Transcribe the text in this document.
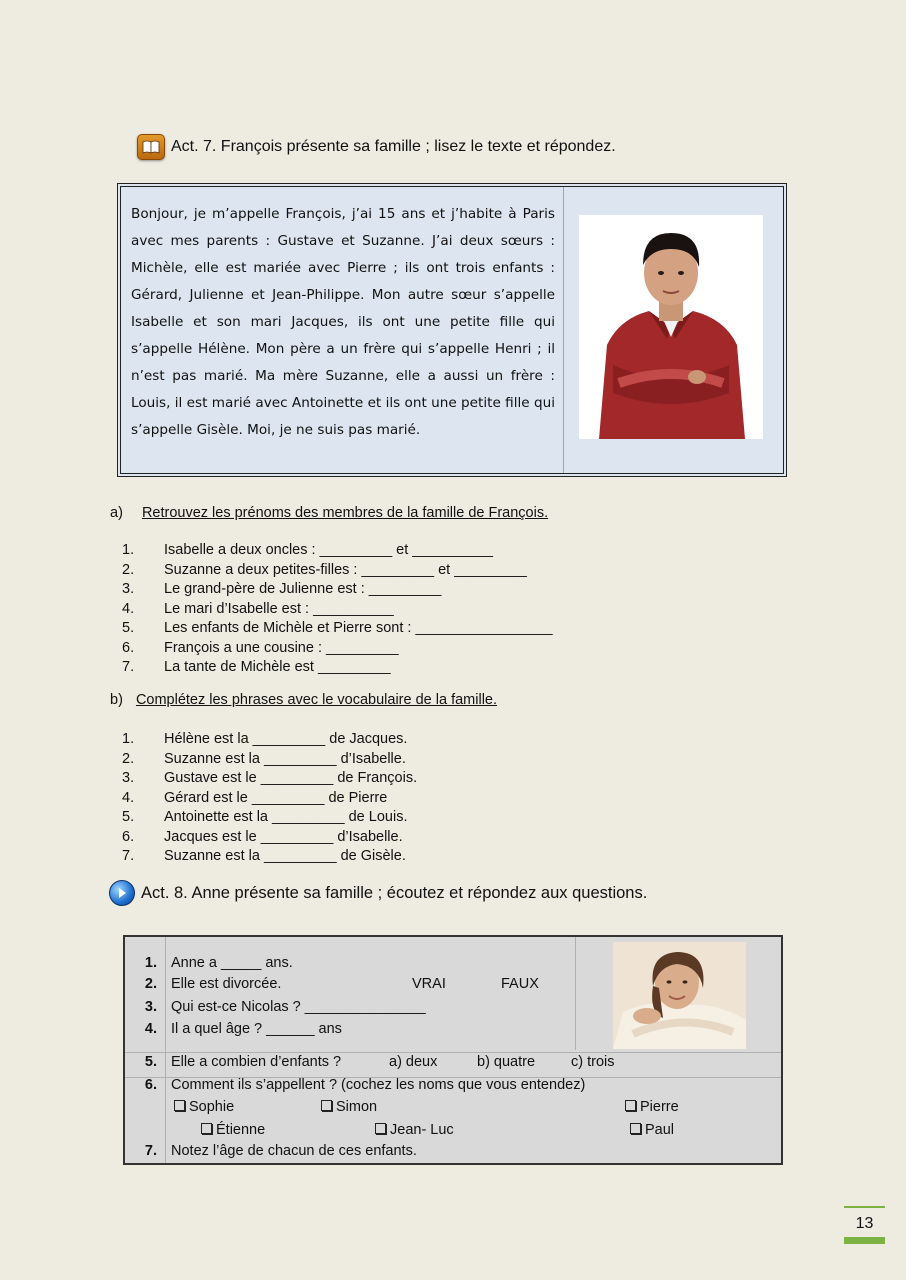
Act. 7. François présente sa famille ; lisez le texte et répondez.
Bonjour, je m’appelle François, j’ai 15 ans et j’habite à Paris avec mes parents : Gustave et Suzanne. J’ai deux sœurs : Michèle, elle est mariée avec Pierre ; ils ont trois enfants : Gérard, Julienne et Jean-Philippe. Mon autre sœur s’appelle Isabelle et son mari Jacques, ils ont une petite fille qui s’appelle Hélène. Mon père a un frère qui s’appelle Henri ; il n’est pas marié. Ma mère Suzanne, elle a aussi un frère : Louis, il est marié avec Antoinette et ils ont une petite fille qui s’appelle Gisèle. Moi, je ne suis pas marié.
a) Retrouvez les prénoms des membres de la famille de François.
1.	Isabelle a deux oncles : _________ et __________
2.	Suzanne a deux petites-filles : _________ et _________
3.	Le grand-père de Julienne est : _________
4.	Le mari d’Isabelle est : __________
5.	Les enfants de Michèle et Pierre sont : _________________
6.	François a une cousine : _________
7.	La tante de Michèle est _________
b) Complétez les phrases avec le vocabulaire de la famille.
1.	Hélène est la _________ de Jacques.
2.	Suzanne est la _________ d’Isabelle.
3.	Gustave est le _________ de François.
4.	Gérard est le _________ de Pierre
5.	Antoinette est la _________ de Louis.
6.	Jacques est le _________ d’Isabelle.
7.	Suzanne est la _________ de Gisèle.
Act. 8. Anne présente sa famille ; écoutez et répondez aux questions.
1. Anne a _____ ans.
2. Elle est divorcée.	VRAI	FAUX
3. Qui est-ce Nicolas ? _______________
4. Il a quel âge ? ______ ans
5. Elle a combien d’enfants ?	a) deux	b) quatre c) trois
6. Comment ils s’appellent ? (cochez les noms que vous entendez)
Sophie	Simon	Pierre
Étienne	Jean- Luc	Paul
7. Notez l’âge de chacun de ces enfants.
13
